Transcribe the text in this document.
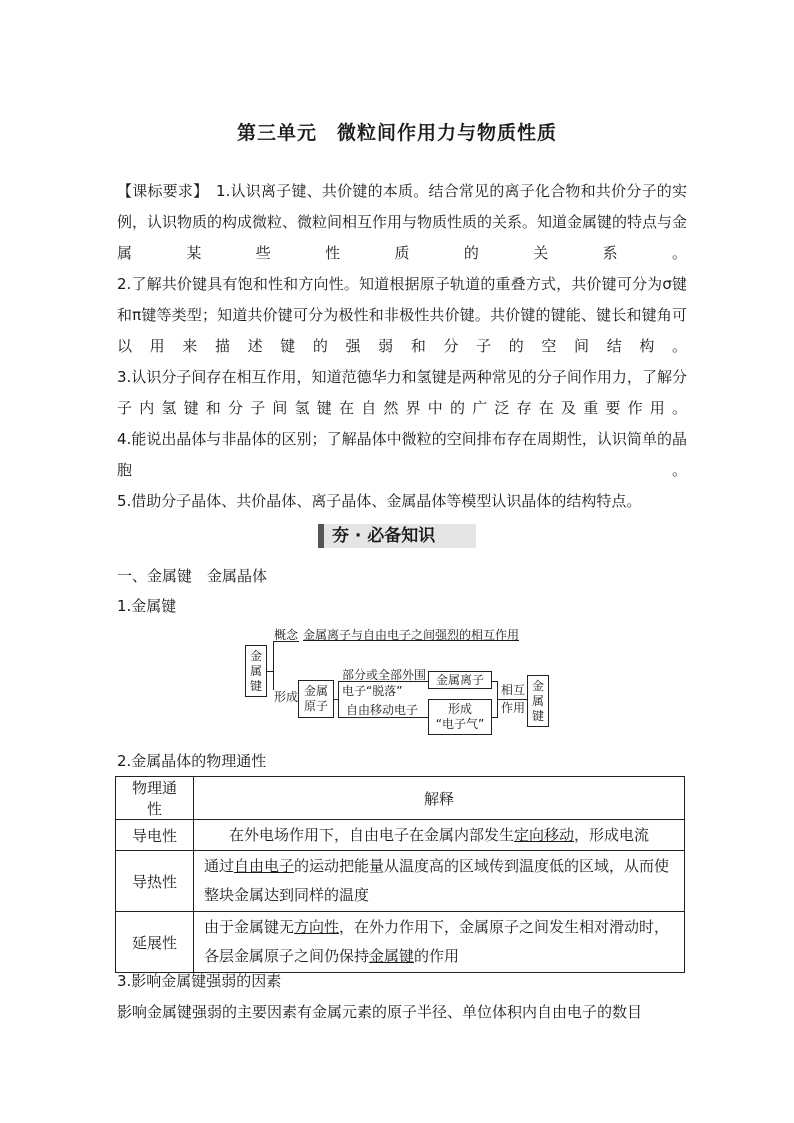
第三单元　微粒间作用力与物质性质
【课标要求】　1.认识离子键、共价键的本质。结合常见的离子化合物和共价分子的实例，认识物质的构成微粒、微粒间相互作用与物质性质的关系。知道金属键的特点与金属某些性质的关系。
2.了解共价键具有饱和性和方向性。知道根据原子轨道的重叠方式，共价键可分为σ键和π键等类型；知道共价键可分为极性和非极性共价键。共价键的键能、键长和键角可以用来描述键的强弱和分子的空间结构。
3.认识分子间存在相互作用，知道范德华力和氢键是两种常见的分子间作用力，了解分子内氢键和分子间氢键在自然界中的广泛存在及重要作用。
4.能说出晶体与非晶体的区别；了解晶体中微粒的空间排布存在周期性，认识简单的晶胞。
5.借助分子晶体、共价晶体、离子晶体、金属晶体等模型认识晶体的结构特点。
夯 · 必备知识
一、金属键　金属晶体
1.金属键
金属键
概念 金属离子与自由电子之间强烈的相互作用
形成 金属原子
部分或全部外围
电子“脱落”
自由移动电子
金属离子
形成
“电子气”
相互
作用
金属键
2.金属晶体的物理通性
物理通性	解释
导电性	在外电场作用下，自由电子在金属内部发生定向移动，形成电流
导热性	通过自由电子的运动把能量从温度高的区域传到温度低的区域，从而使整块金属达到同样的温度
延展性	由于金属键无方向性，在外力作用下，金属原子之间发生相对滑动时，各层金属原子之间仍保持金属键的作用
3.影响金属键强弱的因素
影响金属键强弱的主要因素有金属元素的原子半径、单位体积内自由电子的数目
